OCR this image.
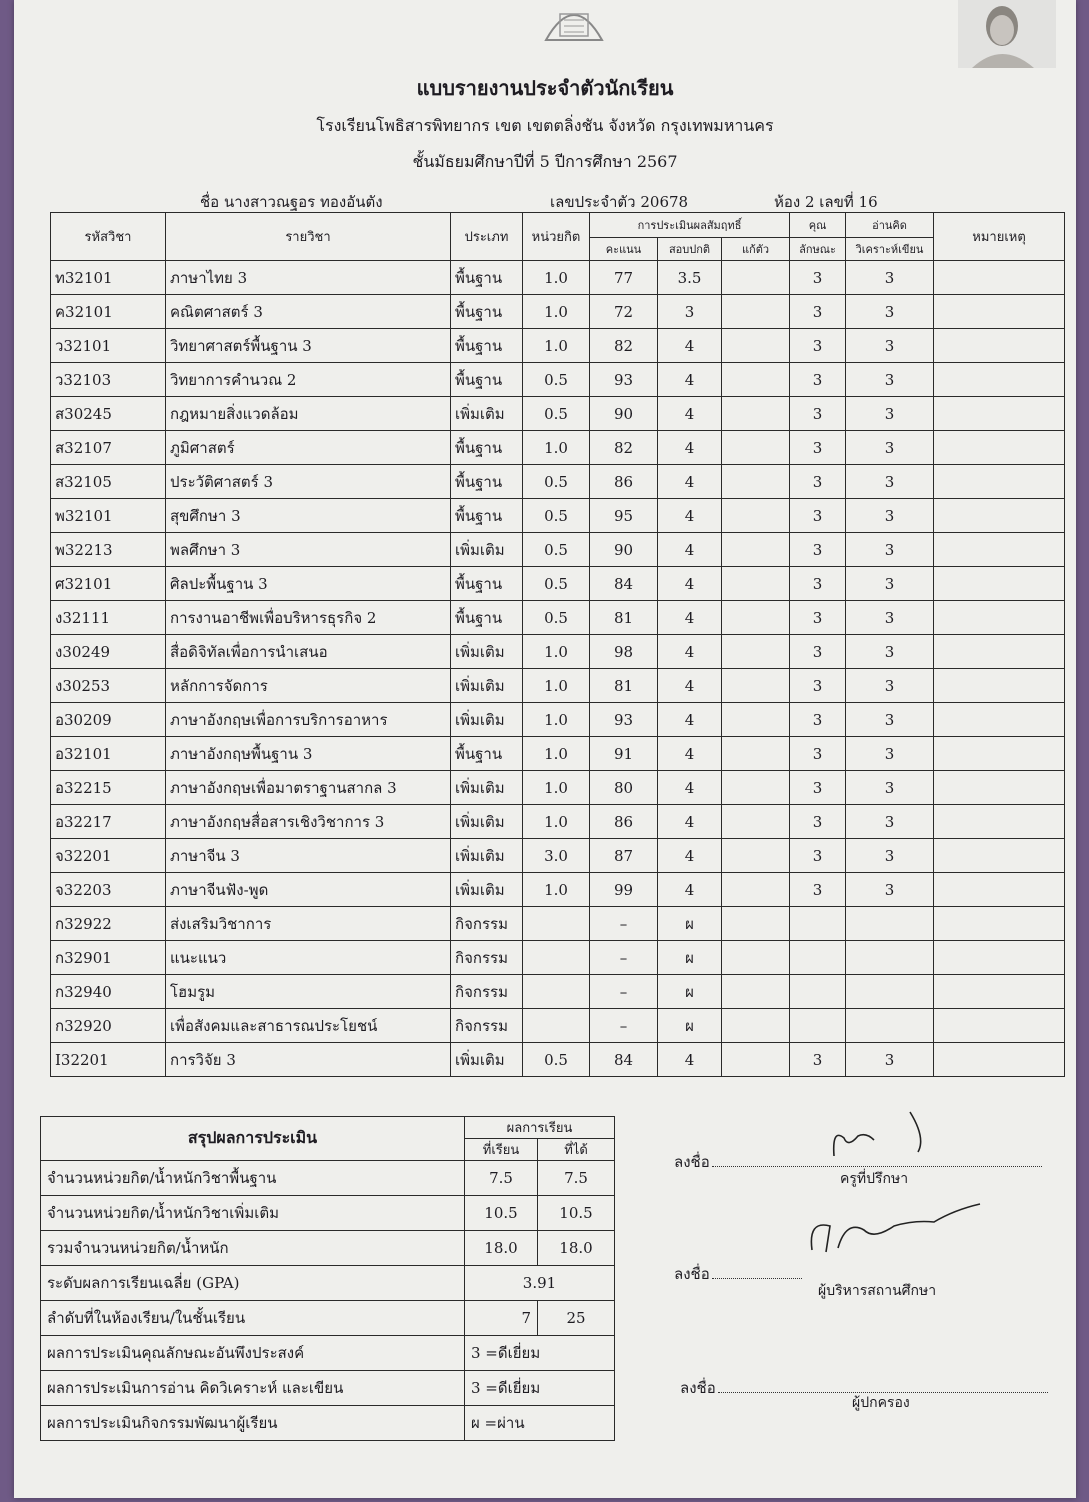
แบบรายงานประจำตัวนักเรียน
โรงเรียนโพธิสารพิทยากร เขต เขตตลิ่งชัน จังหวัด กรุงเทพมหานคร
ชั้นมัธยมศึกษาปีที่ 5 ปีการศึกษา 2567
ชื่อ นางสาวณฐอร ทองอันตัง	เลขประจำตัว 20678	ห้อง 2 เลขที่ 16
รหัสวิชา	รายวิชา	ประเภท	หน่วยกิต	การประเมินผลสัมฤทธิ์			คุณ	อ่านคิด	หมายเหตุ
				คะแนน	สอบปกติ	แก้ตัว	ลักษณะ	วิเคราะห์เขียน	
ท32101	ภาษาไทย 3	พื้นฐาน	1.0	77	3.5		3	3	
ค32101	คณิตศาสตร์ 3	พื้นฐาน	1.0	72	3		3	3	
ว32101	วิทยาศาสตร์พื้นฐาน 3	พื้นฐาน	1.0	82	4		3	3	
ว32103	วิทยาการคำนวณ 2	พื้นฐาน	0.5	93	4		3	3	
ส30245	กฎหมายสิ่งแวดล้อม	เพิ่มเติม	0.5	90	4		3	3	
ส32107	ภูมิศาสตร์	พื้นฐาน	1.0	82	4		3	3	
ส32105	ประวัติศาสตร์ 3	พื้นฐาน	0.5	86	4		3	3	
พ32101	สุขศึกษา 3	พื้นฐาน	0.5	95	4		3	3	
พ32213	พลศึกษา 3	เพิ่มเติม	0.5	90	4		3	3	
ศ32101	ศิลปะพื้นฐาน 3	พื้นฐาน	0.5	84	4		3	3	
ง32111	การงานอาชีพเพื่อบริหารธุรกิจ 2	พื้นฐาน	0.5	81	4		3	3	
ง30249	สื่อดิจิทัลเพื่อการนำเสนอ	เพิ่มเติม	1.0	98	4		3	3	
ง30253	หลักการจัดการ	เพิ่มเติม	1.0	81	4		3	3	
อ30209	ภาษาอังกฤษเพื่อการบริการอาหาร	เพิ่มเติม	1.0	93	4		3	3	
อ32101	ภาษาอังกฤษพื้นฐาน 3	พื้นฐาน	1.0	91	4		3	3	
อ32215	ภาษาอังกฤษเพื่อมาตราฐานสากล 3	เพิ่มเติม	1.0	80	4		3	3	
อ32217	ภาษาอังกฤษสื่อสารเชิงวิชาการ 3	เพิ่มเติม	1.0	86	4		3	3	
จ32201	ภาษาจีน 3	เพิ่มเติม	3.0	87	4		3	3	
จ32203	ภาษาจีนฟัง-พูด	เพิ่มเติม	1.0	99	4		3	3	
ก32922	ส่งเสริมวิชาการ	กิจกรรม		–	ผ				
ก32901	แนะแนว	กิจกรรม		–	ผ				
ก32940	โฮมรูม	กิจกรรม		–	ผ				
ก32920	เพื่อสังคมและสาธารณประโยชน์	กิจกรรม		–	ผ				
I32201	การวิจัย 3	เพิ่มเติม	0.5	84	4		3	3	
สรุปผลการประเมิน	ผลการเรียน	
	ที่เรียน	ที่ได้
จำนวนหน่วยกิต/น้ำหนักวิชาพื้นฐาน	7.5	7.5
จำนวนหน่วยกิต/น้ำหนักวิชาเพิ่มเติม	10.5	10.5
รวมจำนวนหน่วยกิต/น้ำหนัก	18.0	18.0
ระดับผลการเรียนเฉลี่ย (GPA)	3.91	
ลำดับที่ในห้องเรียน/ในชั้นเรียน	7	25
ผลการประเมินคุณลักษณะอันพึงประสงค์	3 =ดีเยี่ยม	
ผลการประเมินการอ่าน คิดวิเคราะห์ และเขียน	3 =ดีเยี่ยม	
ผลการประเมินกิจกรรมพัฒนาผู้เรียน	ผ =ผ่าน	
ลงชื่อ
ครูที่ปรึกษา
ลงชื่อ
ผู้บริหารสถานศึกษา
ลงชื่อ
ผู้ปกครอง
